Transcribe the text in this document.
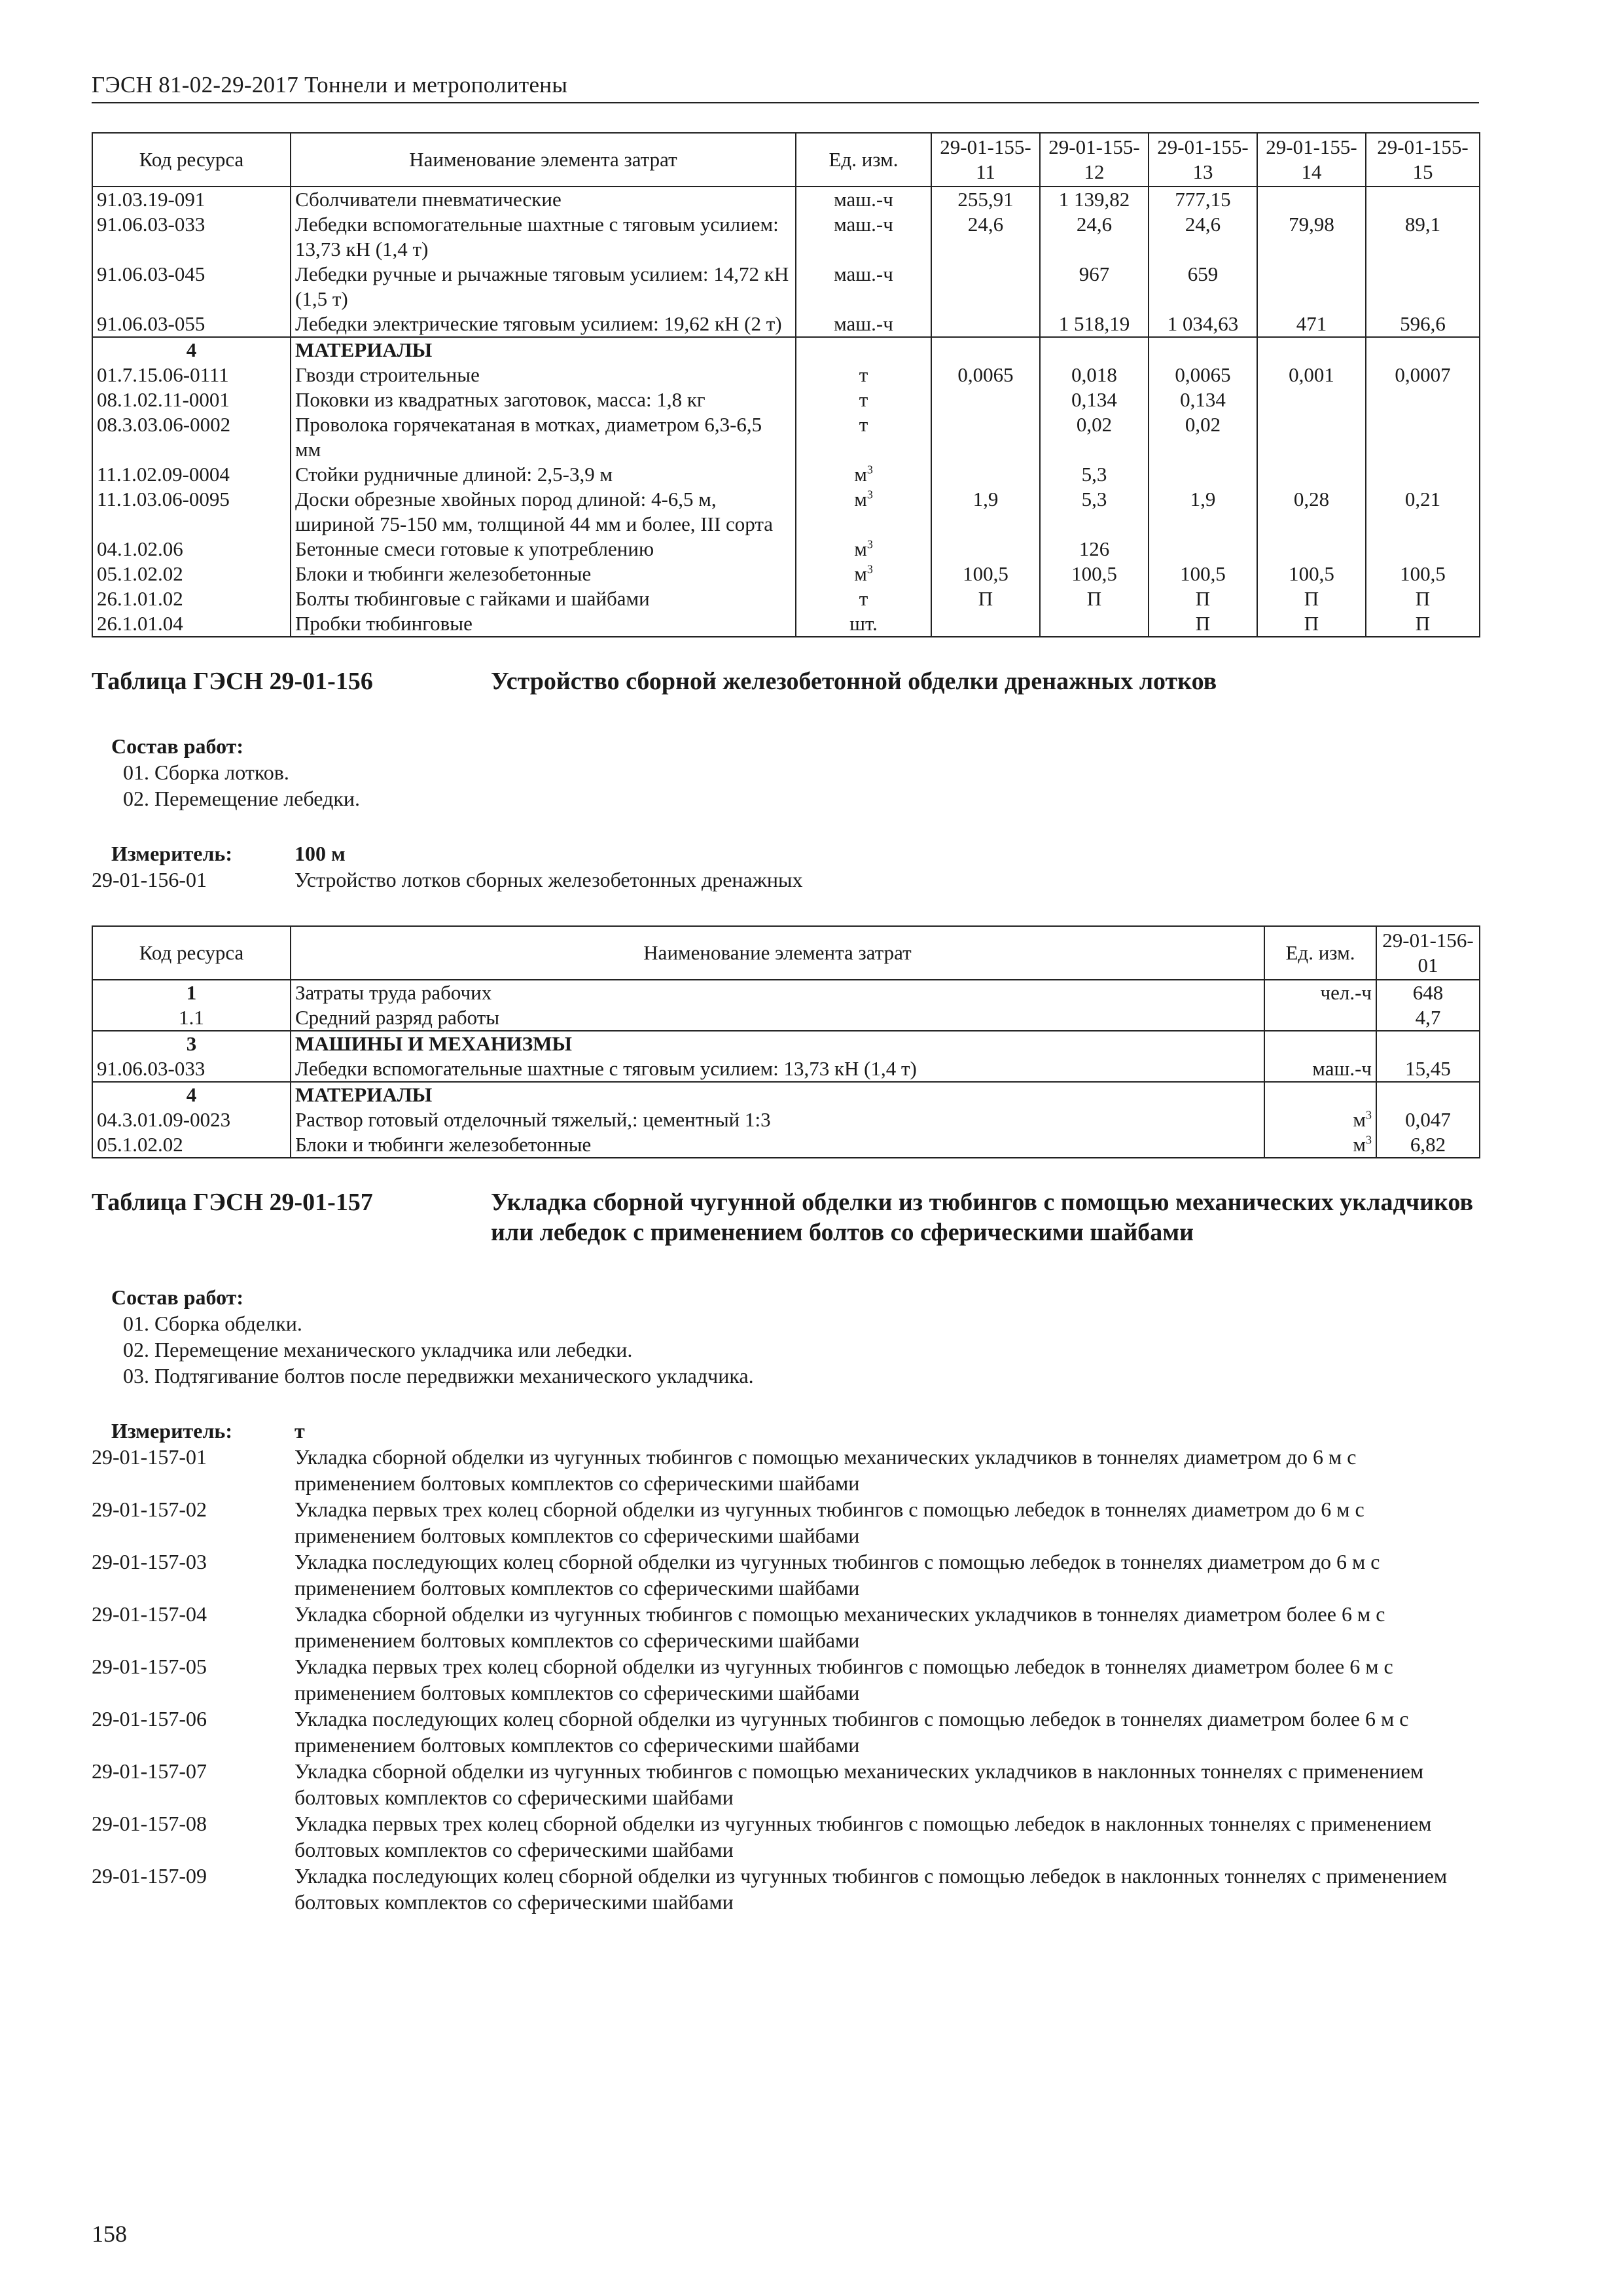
ГЭСН 81-02-29-2017 Тоннели и метрополитены
Код ресурса	Наименование элемента затрат	Ед. изм.	29-01-155-11	29-01-155-12	29-01-155-13	29-01-155-14	29-01-155-15
91.03.19-091	Сболчиватели пневматические	маш.-ч	255,91	1 139,82	777,15		
91.06.03-033	Лебедки вспомогательные шахтные с тяговым усилием: 13,73 кН (1,4 т)	маш.-ч	24,6	24,6	24,6	79,98	89,1
91.06.03-045	Лебедки ручные и рычажные тяговым усилием: 14,72 кН (1,5 т)	маш.-ч		967	659		
91.06.03-055	Лебедки электрические тяговым усилием: 19,62 кН (2 т)	маш.-ч		1 518,19	1 034,63	471	596,6
4	МАТЕРИАЛЫ						
01.7.15.06-0111	Гвозди строительные	т	0,0065	0,018	0,0065	0,001	0,0007
08.1.02.11-0001	Поковки из квадратных заготовок, масса: 1,8 кг	т		0,134	0,134		
08.3.03.06-0002	Проволока горячекатаная в мотках, диаметром 6,3-6,5 мм	т		0,02	0,02		
11.1.02.09-0004	Стойки рудничные длиной: 2,5-3,9 м	$м^3$		5,3			
11.1.03.06-0095	Доски обрезные хвойных пород длиной: 4-6,5 м, шириной 75-150 мм, толщиной 44 мм и более, III сорта	$м^3$	1,9	5,3	1,9	0,28	0,21
04.1.02.06	Бетонные смеси готовые к употреблению	$м^3$		126			
05.1.02.02	Блоки и тюбинги железобетонные	$м^3$	100,5	100,5	100,5	100,5	100,5
26.1.01.02	Болты тюбинговые с гайками и шайбами	т	П	П	П	П	П
26.1.01.04	Пробки тюбинговые	шт.			П	П	П
Таблица ГЭСН 29-01-156	Устройство сборной железобетонной обделки дренажных лотков
Состав работ:
01. Сборка лотков.
02. Перемещение лебедки.
Измеритель:	100 м
29-01-156-01	Устройство лотков сборных железобетонных дренажных
Код ресурса	Наименование элемента затрат	Ед. изм.	29-01-156-01
1	Затраты труда рабочих	чел.-ч	648
1.1	Средний разряд работы		4,7
3	МАШИНЫ И МЕХАНИЗМЫ		
91.06.03-033	Лебедки вспомогательные шахтные с тяговым усилием: 13,73 кН (1,4 т)	маш.-ч	15,45
4	МАТЕРИАЛЫ		
04.3.01.09-0023	Раствор готовый отделочный тяжелый,: цементный 1:3	$м^3$	0,047
05.1.02.02	Блоки и тюбинги железобетонные	$м^3$	6,82
Таблица ГЭСН 29-01-157	Укладка сборной чугунной обделки из тюбингов с помощью механических укладчиков или лебедок с применением болтов со сферическими шайбами
Состав работ:
01. Сборка обделки.
02. Перемещение механического укладчика или лебедки.
03. Подтягивание болтов после передвижки механического укладчика.
Измеритель:	т
29-01-157-01	Укладка сборной обделки из чугунных тюбингов с помощью механических укладчиков в тоннелях диаметром до 6 м с применением болтовых комплектов со сферическими шайбами
29-01-157-02	Укладка первых трех колец сборной обделки из чугунных тюбингов с помощью лебедок в тоннелях диаметром до 6 м с применением болтовых комплектов со сферическими шайбами
29-01-157-03	Укладка последующих колец сборной обделки из чугунных тюбингов с помощью лебедок в тоннелях диаметром до 6 м с применением болтовых комплектов со сферическими шайбами
29-01-157-04	Укладка сборной обделки из чугунных тюбингов с помощью механических укладчиков в тоннелях диаметром более 6 м с применением болтовых комплектов со сферическими шайбами
29-01-157-05	Укладка первых трех колец сборной обделки из чугунных тюбингов с помощью лебедок в тоннелях диаметром более 6 м с применением болтовых комплектов со сферическими шайбами
29-01-157-06	Укладка последующих колец сборной обделки из чугунных тюбингов с помощью лебедок в тоннелях диаметром более 6 м с применением болтовых комплектов со сферическими шайбами
29-01-157-07	Укладка сборной обделки из чугунных тюбингов с помощью механических укладчиков в наклонных тоннелях с применением болтовых комплектов со сферическими шайбами
29-01-157-08	Укладка первых трех колец сборной обделки из чугунных тюбингов с помощью лебедок в наклонных тоннелях с применением болтовых комплектов со сферическими шайбами
29-01-157-09	Укладка последующих колец сборной обделки из чугунных тюбингов с помощью лебедок в наклонных тоннелях с применением болтовых комплектов со сферическими шайбами
158
